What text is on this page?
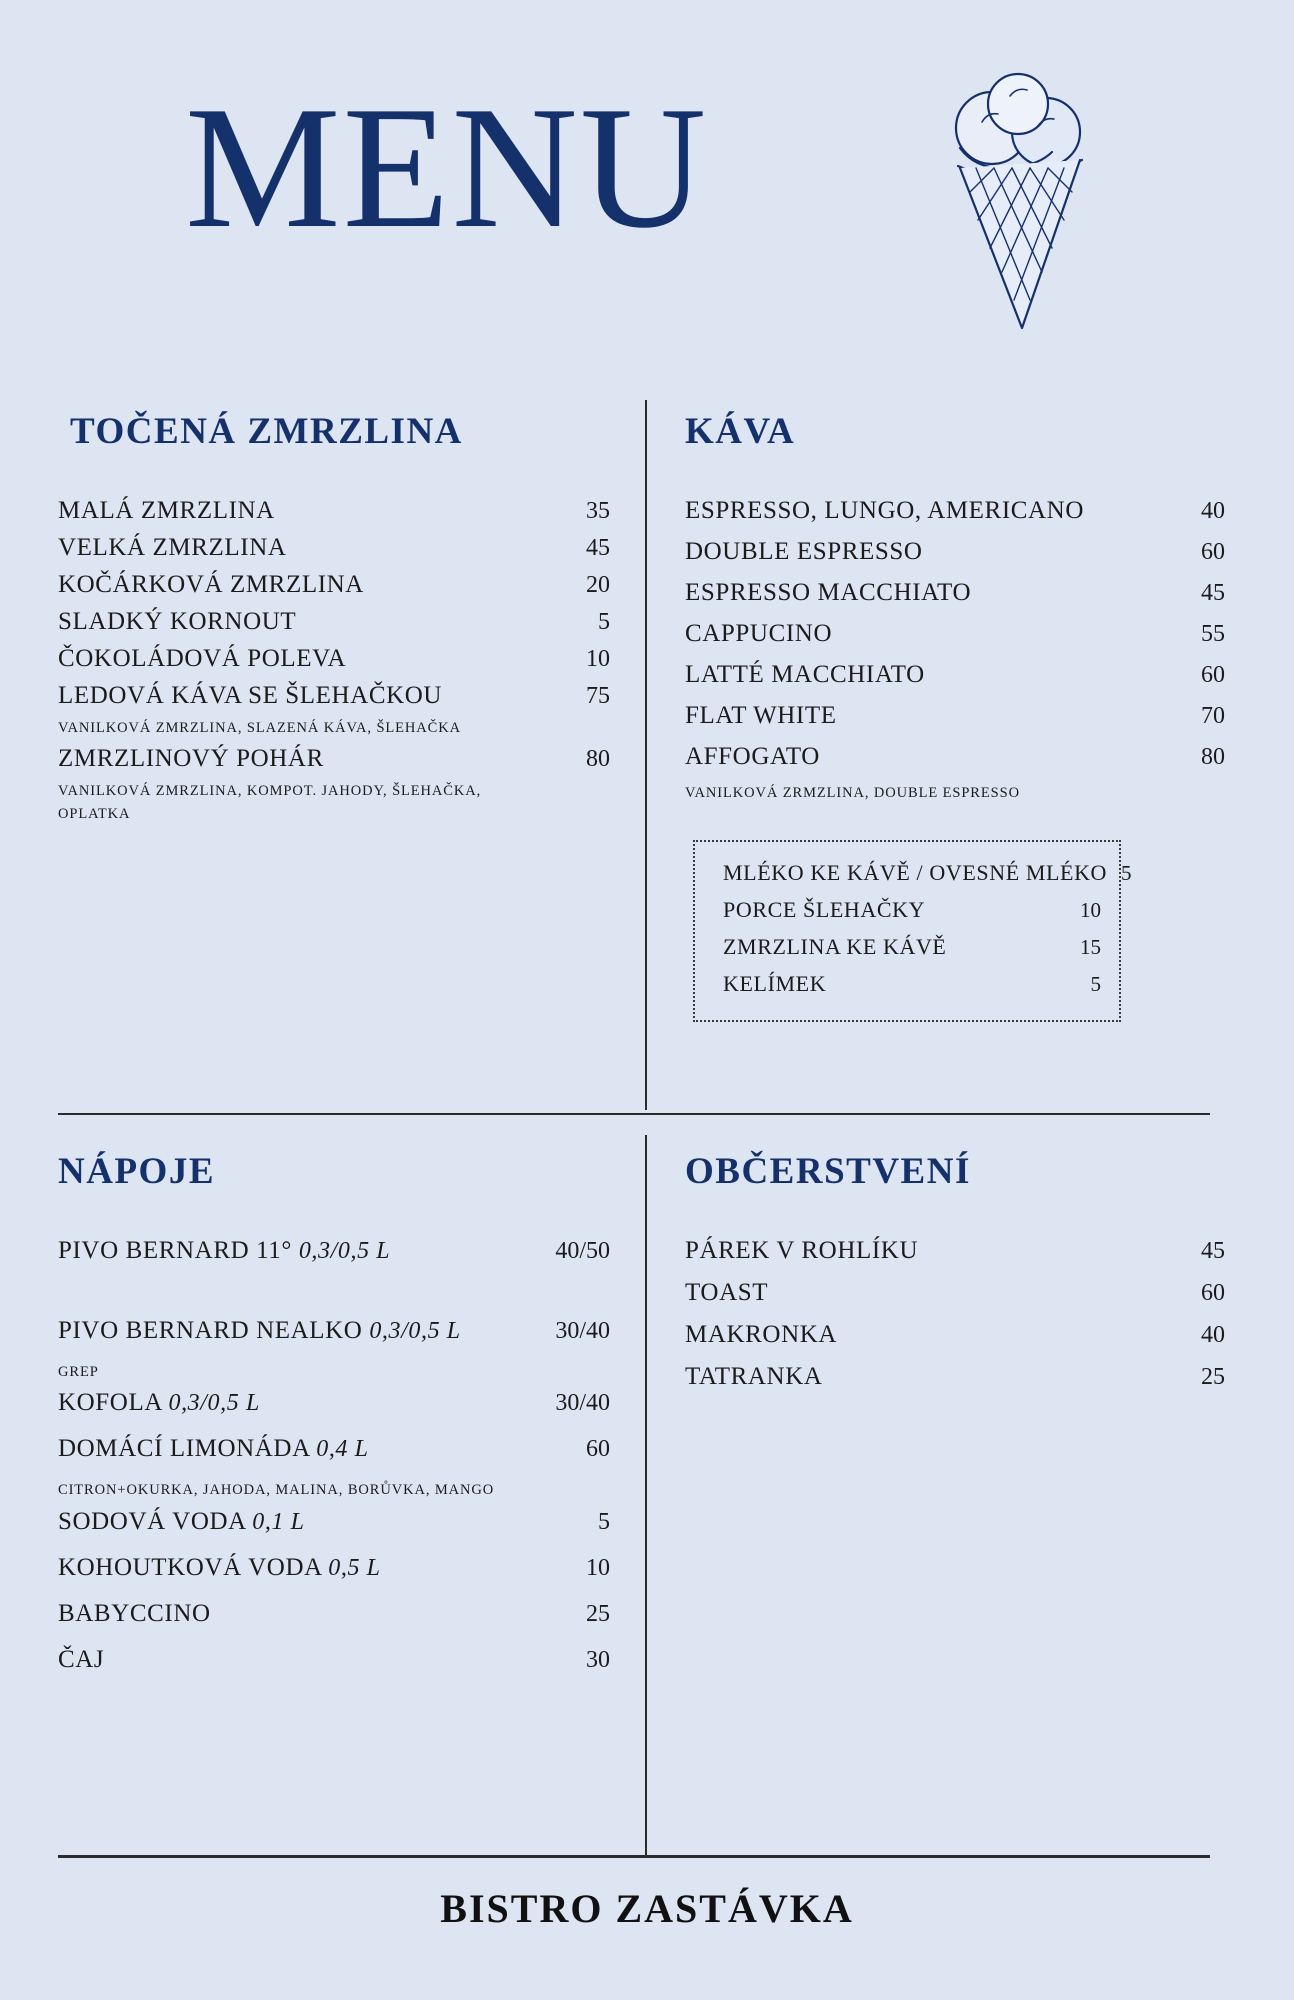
MENU
TOČENÁ ZMRZLINA
MALÁ ZMRZLINA	35
VELKÁ ZMRZLINA	45
KOČÁRKOVÁ ZMRZLINA	20
SLADKÝ KORNOUT	5
ČOKOLÁDOVÁ POLEVA	10
LEDOVÁ KÁVA SE ŠLEHAČKOU	75
VANILKOVÁ ZMRZLINA, SLAZENÁ KÁVA, ŠLEHAČKA
ZMRZLINOVÝ POHÁR	80
VANILKOVÁ ZMRZLINA, KOMPOT. JAHODY, ŠLEHAČKA, OPLATKA
KÁVA
ESPRESSO, LUNGO, AMERICANO	40
DOUBLE ESPRESSO	60
ESPRESSO MACCHIATO	45
CAPPUCINO	55
LATTÉ MACCHIATO	60
FLAT WHITE	70
AFFOGATO	80
VANILKOVÁ ZRMZLINA, DOUBLE ESPRESSO
MLÉKO KE KÁVĚ / OVESNÉ MLÉKO 5
PORCE ŠLEHAČKY	10
ZMRZLINA KE KÁVĚ	15
KELÍMEK	5
NÁPOJE
PIVO BERNARD 11° 0,3/0,5 L	40/50
PIVO BERNARD NEALKO 0,3/0,5 L	30/40
GREP
KOFOLA 0,3/0,5 L	30/40
DOMÁCÍ LIMONÁDA 0,4 L	60
CITRON+OKURKA, JAHODA, MALINA, BORŮVKA, MANGO
SODOVÁ VODA 0,1 L	5
KOHOUTKOVÁ VODA 0,5 L	10
BABYCCINO	25
ČAJ	30
OBČERSTVENÍ
PÁREK V ROHLÍKU	45
TOAST	60
MAKRONKA	40
TATRANKA	25
BISTRO ZASTÁVKA
